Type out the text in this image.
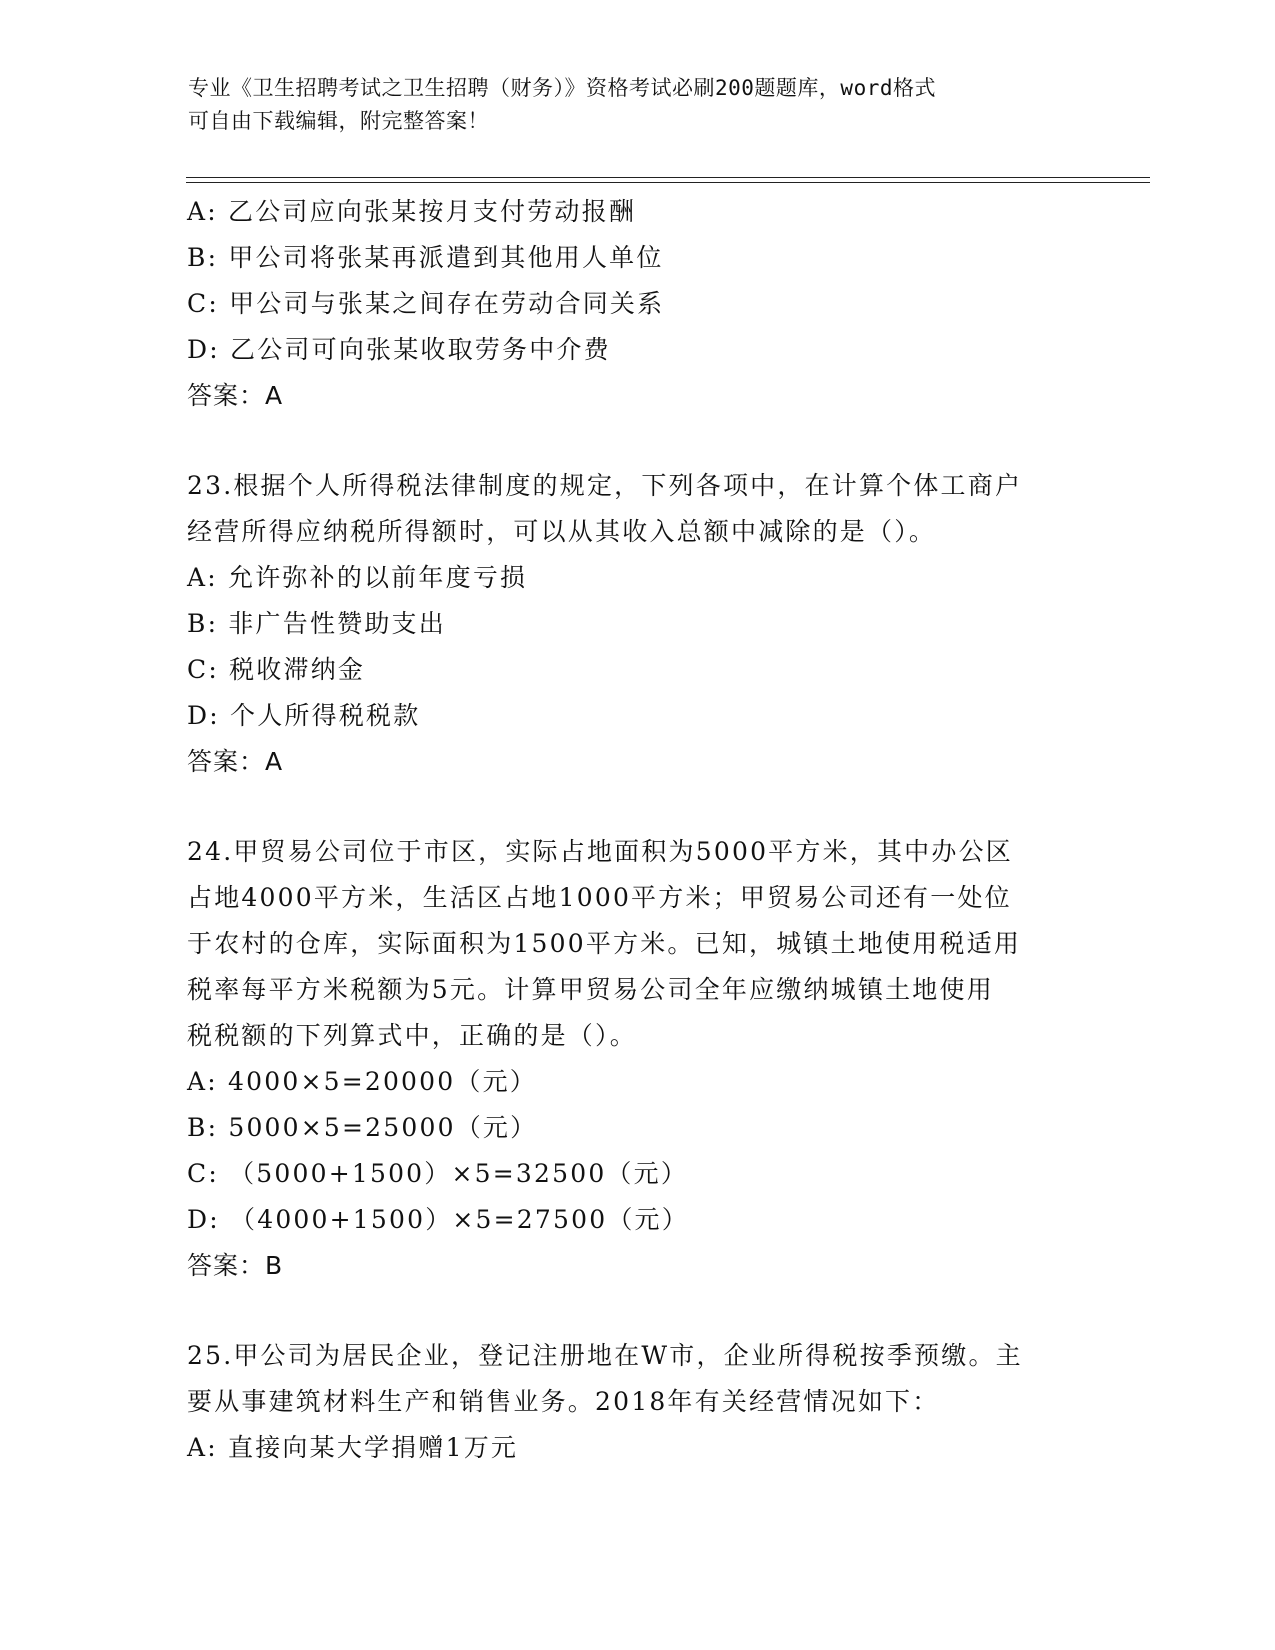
专业《卫生招聘考试之卫生招聘（财务）》资格考试必刷200题题库，word格式
可自由下载编辑，附完整答案！
A: 乙公司应向张某按月支付劳动报酬
B: 甲公司将张某再派遣到其他用人单位
C: 甲公司与张某之间存在劳动合同关系
D: 乙公司可向张某收取劳务中介费
答案：A
23.根据个人所得税法律制度的规定，下列各项中，在计算个体工商户
经营所得应纳税所得额时，可以从其收入总额中减除的是（）。
A: 允许弥补的以前年度亏损
B: 非广告性赞助支出
C: 税收滞纳金
D: 个人所得税税款
答案：A
24.甲贸易公司位于市区，实际占地面积为5000平方米，其中办公区
占地4000平方米，生活区占地1000平方米；甲贸易公司还有一处位
于农村的仓库，实际面积为1500平方米。已知，城镇土地使用税适用
税率每平方米税额为5元。计算甲贸易公司全年应缴纳城镇土地使用
税税额的下列算式中，正确的是（）。
A: 4000×5=20000（元）
B: 5000×5=25000（元）
C: （5000+1500）×5=32500（元）
D: （4000+1500）×5=27500（元）
答案：B
25.甲公司为居民企业，登记注册地在W市，企业所得税按季预缴。主
要从事建筑材料生产和销售业务。2018年有关经营情况如下：
A: 直接向某大学捐赠1万元
